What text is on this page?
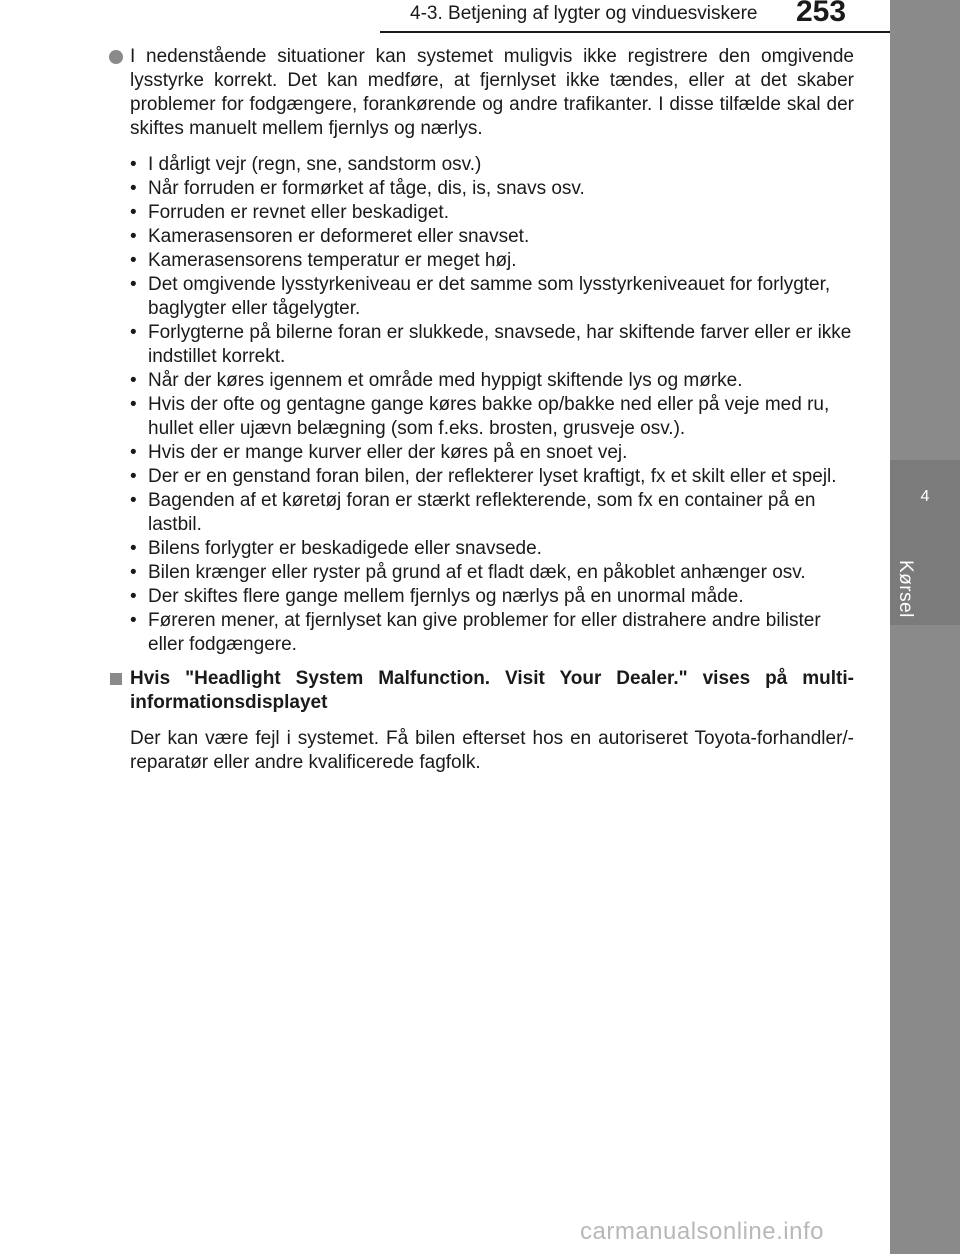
4-3. Betjening af lygter og vinduesviskere 253
4
Kørsel

I nedenstående situationer kan systemet muligvis ikke registrere den omgivende lysstyrke korrekt. Det kan medføre, at fjernlyset ikke tændes, eller at det skaber problemer for fodgængere, forankørende og andre trafikanter. I disse tilfælde skal der skiftes manuelt mellem fjernlys og nærlys.

• I dårligt vejr (regn, sne, sandstorm osv.)
• Når forruden er formørket af tåge, dis, is, snavs osv.
• Forruden er revnet eller beskadiget.
• Kamerasensoren er deformeret eller snavset.
• Kamerasensorens temperatur er meget høj.
• Det omgivende lysstyrkeniveau er det samme som lysstyrkeniveauet for forlygter, baglygter eller tågelygter.
• Forlygterne på bilerne foran er slukkede, snavsede, har skiftende farver eller er ikke indstillet korrekt.
• Når der køres igennem et område med hyppigt skiftende lys og mørke.
• Hvis der ofte og gentagne gange køres bakke op/bakke ned eller på veje med ru, hullet eller ujævn belægning (som f.eks. brosten, grusveje osv.).
• Hvis der er mange kurver eller der køres på en snoet vej.
• Der er en genstand foran bilen, der reflekterer lyset kraftigt, fx et skilt eller et spejl.
• Bagenden af et køretøj foran er stærkt reflekterende, som fx en container på en lastbil.
• Bilens forlygter er beskadigede eller snavsede.
• Bilen krænger eller ryster på grund af et fladt dæk, en påkoblet anhænger osv.
• Der skiftes flere gange mellem fjernlys og nærlys på en unormal måde.
• Føreren mener, at fjernlyset kan give problemer for eller distrahere andre bilister eller fodgængere.
Hvis "Headlight System Malfunction. Visit Your Dealer." vises på multi-informationsdisplayet
Der kan være fejl i systemet. Få bilen efterset hos en autoriseret Toyota-forhandler/-reparatør eller andre kvalificerede fagfolk.
carmanualsonline.info
